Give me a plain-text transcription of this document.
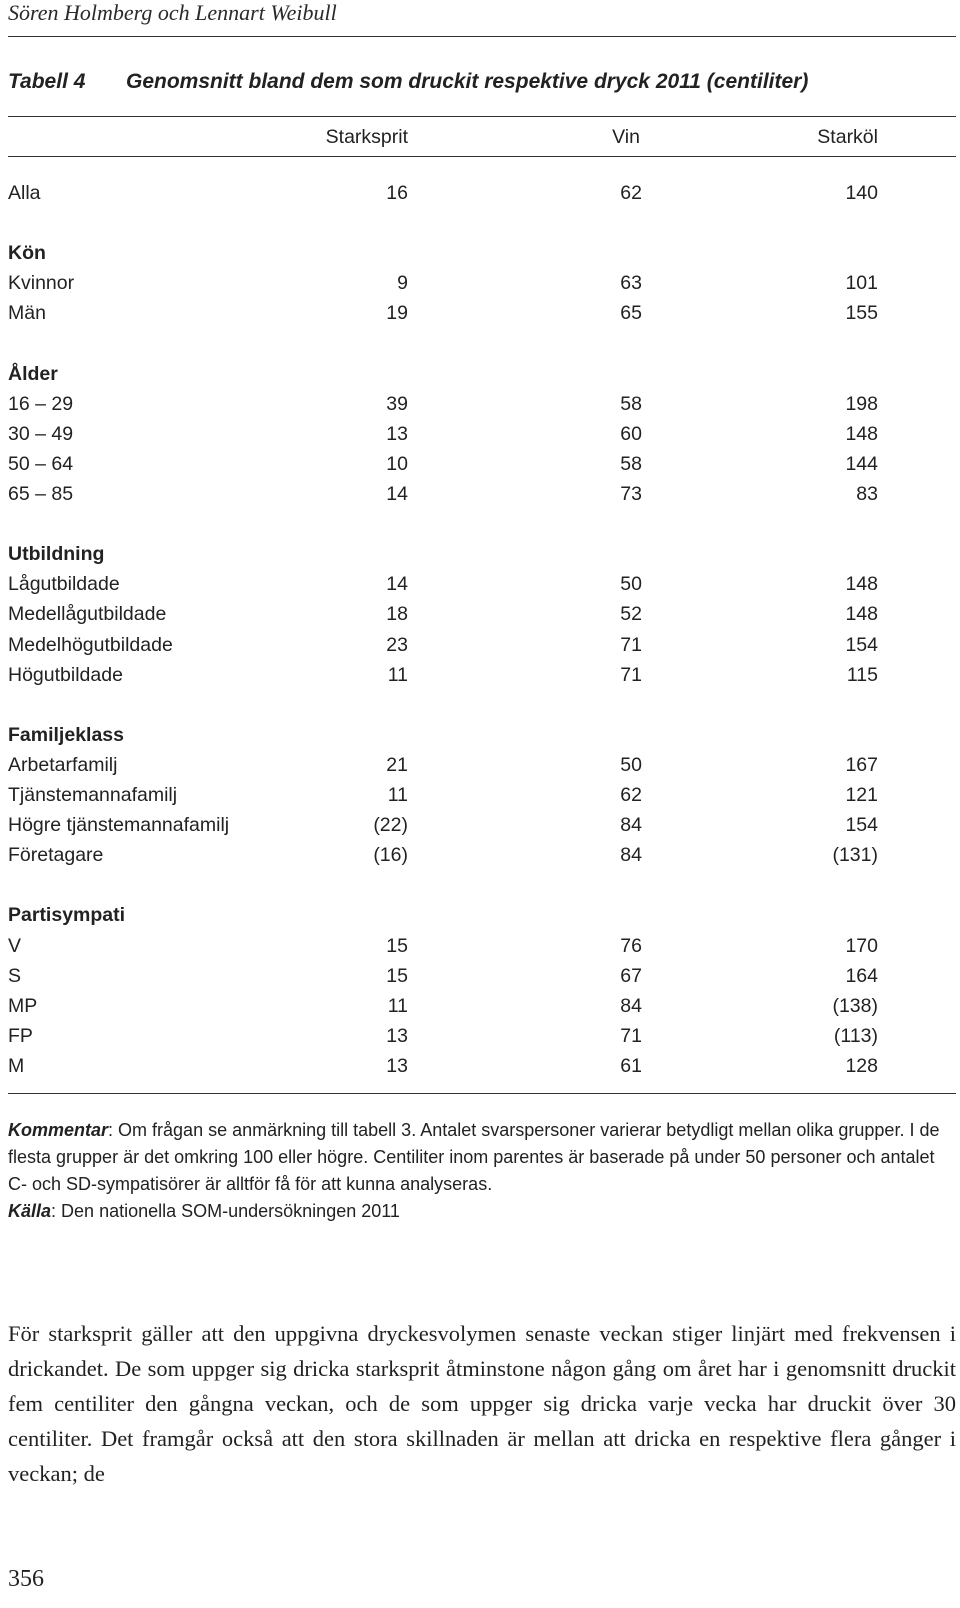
Sören Holmberg och Lennart Weibull
Tabell 4 Genomsnitt bland dem som druckit respektive dryck 2011 (centiliter)
Starksprit	Vin	Starköl
Alla	16	62	140
Kön
Kvinnor	9	63	101
Män	19	65	155
Ålder
16 – 29	39	58	198
30 – 49	13	60	148
50 – 64	10	58	144
65 – 85	14	73	83
Utbildning
Lågutbildade	14	50	148
Medellågutbildade	18	52	148
Medelhögutbildade	23	71	154
Högutbildade	11	71	115
Familjeklass
Arbetarfamilj	21	50	167
Tjänstemannafamilj	11	62	121
Högre tjänstemannafamilj	(22)	84	154
Företagare	(16)	84	(131)
Partisympati
V	15	76	170
S	15	67	164
MP	11	84	(138)
FP	13	71	(113)
M	13	61	128
Kommentar: Om frågan se anmärkning till tabell 3. Antalet svarspersoner varierar betydligt mellan olika grupper. I de flesta grupper är det omkring 100 eller högre. Centiliter inom parentes är baserade på under 50 personer och antalet C- och SD-sympatisörer är alltför få för att kunna analyseras.
Källa: Den nationella SOM-undersökningen 2011
För starksprit gäller att den uppgivna dryckesvolymen senaste veckan stiger linjärt med frekvensen i drickandet. De som uppger sig dricka starksprit åtminstone någon gång om året har i genomsnitt druckit fem centiliter den gångna veckan, och de som uppger sig dricka varje vecka har druckit över 30 centiliter. Det framgår också att den stora skillnaden är mellan att dricka en respektive flera gånger i veckan; de
356
